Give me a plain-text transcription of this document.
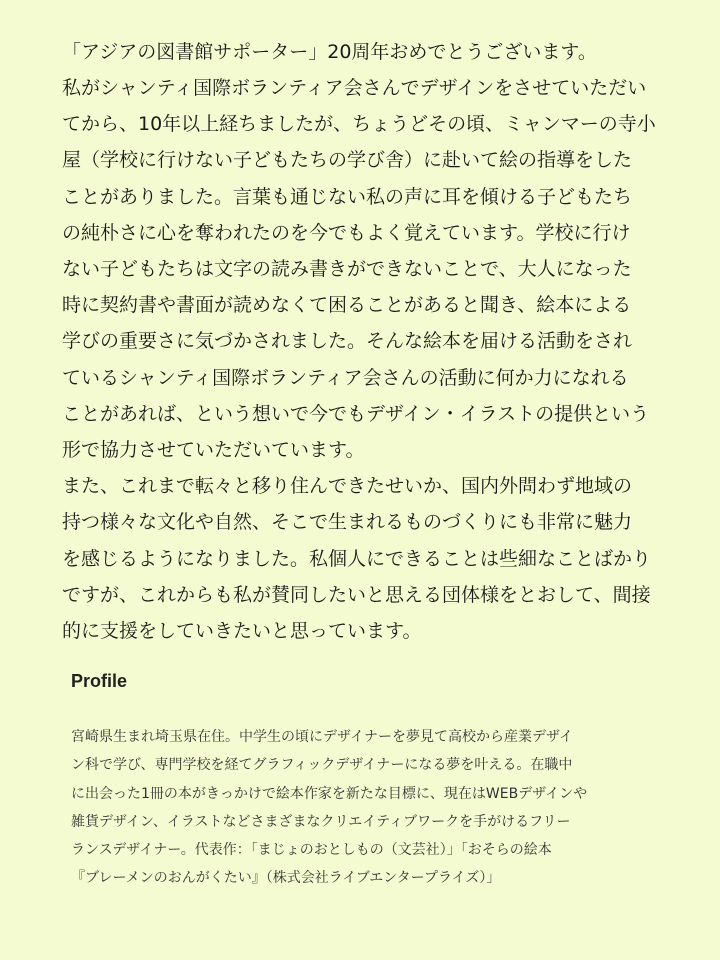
「アジアの図書館サポーター」20周年おめでとうございます。

私がシャンティ国際ボランティア会さんでデザインをさせていただい

てから、10年以上経ちましたが、ちょうどその頃、ミャンマーの寺小

屋（学校に行けない子どもたちの学び舎）に赴いて絵の指導をした

ことがありました。言葉も通じない私の声に耳を傾ける子どもたち

の純朴さに心を奪われたのを今でもよく覚えています。学校に行け

ない子どもたちは文字の読み書きができないことで、大人になった

時に契約書や書面が読めなくて困ることがあると聞き、絵本による

学びの重要さに気づかされました。そんな絵本を届ける活動をされ

ているシャンティ国際ボランティア会さんの活動に何か力になれる

ことがあれば、という想いで今でもデザイン・イラストの提供という

形で協力させていただいています。

また、これまで転々と移り住んできたせいか、国内外問わず地域の

持つ様々な文化や自然、そこで生まれるものづくりにも非常に魅力

を感じるようになりました。私個人にできることは些細なことばかり

ですが、これからも私が賛同したいと思える団体様をとおして、間接

的に支援をしていきたいと思っています。

Profile

宮崎県生まれ埼玉県在住。中学生の頃にデザイナーを夢見て高校から産業デザイ

ン科で学び、専門学校を経てグラフィックデザイナーになる夢を叶える。在職中

に出会った1冊の本がきっかけで絵本作家を新たな目標に、現在はWEBデザインや

雑貨デザイン、イラストなどさまざまなクリエイティブワークを手がけるフリー

ランスデザイナー。代表作：「まじょのおとしもの（文芸社）」「おそらの絵本

『ブレーメンのおんがくたい』（株式会社ライブエンタープライズ）」
